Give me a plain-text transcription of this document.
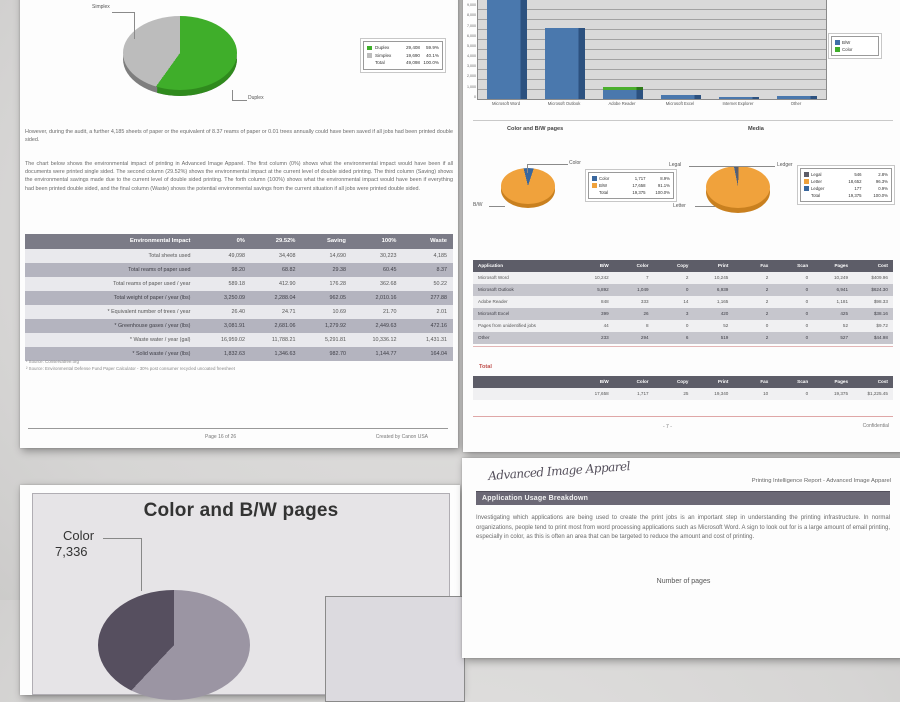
Simplex
Duplex
Duplex	29,408	59.9%
Simplex	19,690	40.1%
Total	49,098 100.0%
However, during the audit, a further 4,185 sheets of paper or the equivalent of 8.37 reams of paper or 0.01 trees annually could have been saved if all jobs had been printed double sided.
The chart below shows the environmental impact of printing in Advanced Image Apparel. The first column (0%) shows what the environmental impact would have been if all documents were printed single sided. The second column (29.52%) shows the environmental impact at the current level of double sided printing. The third column (Saving) shows the environmental savings made due to the current level of double sided printing. The forth column (100%) shows what the environmental impact would have been if everything had been printed double sided, and the final column (Waste) shows the potential environmental savings from the current situation if all jobs were printed double sided.
Environmental Impact	0%	29.52%	Saving	100%	Waste
Total sheets used	49,098	34,408	14,690	30,223	4,185
Total reams of paper used	98.20	68.82	29.38	60.45	8.37
Total reams of paper used / year	589.18	412.90	176.28	362.68	50.22
Total weight of paper / year (lbs)	3,250.09	2,288.04	962.05	2,010.16	277.88
* Equivalent number of trees / year	26.40	24.71	10.69	21.70	2.01
* Greenhouse gases / year (lbs)	3,081.91	2,681.06	1,279.92	2,449.63	472.16
* Waste water / year (gal)	16,959.02	11,788.21	5,291.81	10,336.12	1,431.31
* Solid waste / year (lbs)	1,832.63	1,346.63	982.70	1,144.77	164.04
¹ Source: Conservatree.org
² Source: Environmental Defense Fund Paper Calculator - 30% post consumer recycled uncoated freesheet
Page 16 of 26	Created by Canon USA
0
1,000
2,000
3,000
4,000
5,000
6,000
7,000
8,000
9,000
Microsoft Word	Microsoft Outlook	Adobe Reader	Microsoft Excel	Internet Explorer	Other
B/W
Color
Color and B/W pages	Media
Color
B/W
Color	1,717	8.9%
B/W	17,658	91.1%
Total	19,375	100.0%
Legal	Ledger
Letter
Legal	546	2.8%
Letter	18,652	96.3%
Ledger	177	0.9%
Total	19,375	100.0%
Application	B/W	Color	Copy	Print	Fax	Scan	Pages	Cost
Microsoft Word	10,242	7	2	10,245	2	0	10,249	$409.96
Microsoft Outlook	5,892	1,049	0	6,939	2	0	6,941	$624.30
Adobe Reader	848	333	14	1,165	2	0	1,181	$98.33
Microsoft Excel	399	26	3	420	2	0	425	$38.16
Pages from unidentified jobs	44	8	0	52	0	0	52	$9.72
Other	233	294	6	519	2	0	527	$44.98
Total
B/W	Color	Copy	Print	Fax	Scan	Pages	Cost
17,658	1,717	25	19,340	10	0	19,375	$1,225.45
- 7 -	Confidential
Color and B/W pages
Color
7,336
Advanced Image Apparel	Printing Intelligence Report - Advanced Image Apparel
Application Usage Breakdown
Investigating which applications are being used to create the print jobs is an important step in understanding the printing infrastructure. In normal organizations, people tend to print most from word processing applications such as Microsoft Word. A sign to look out for is a large amount of email printing, especially in color, as this is often an area that can be targeted to reduce the amount and cost of printing.
Number of pages
